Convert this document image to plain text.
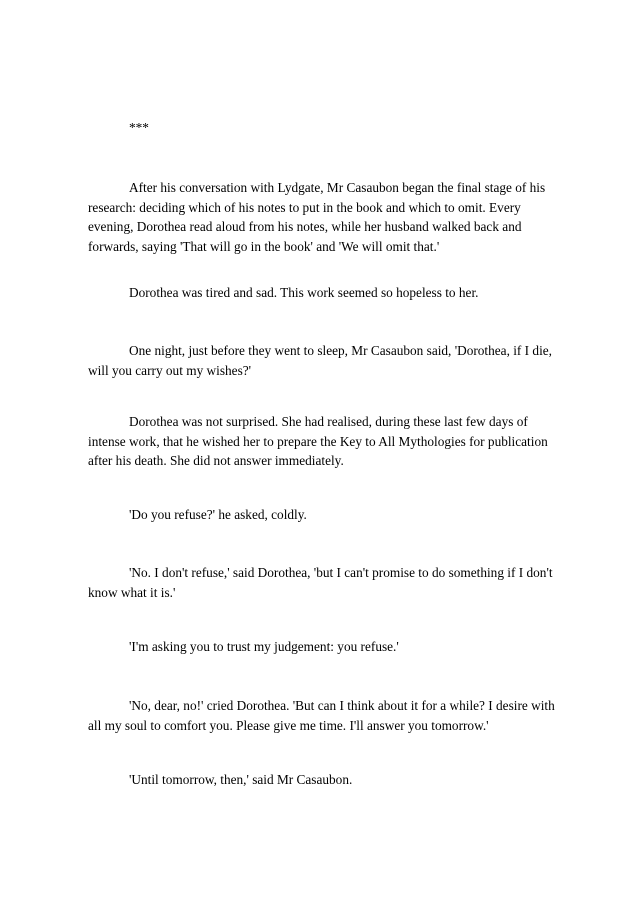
***

After his conversation with Lydgate, Mr Casaubon began the final stage of his
research: deciding which of his notes to put in the book and which to omit. Every
evening, Dorothea read aloud from his notes, while her husband walked back and
forwards, saying 'That will go in the book' and 'We will omit that.'

Dorothea was tired and sad. This work seemed so hopeless to her.

One night, just before they went to sleep, Mr Casaubon said, 'Dorothea, if I die,
will you carry out my wishes?'

Dorothea was not surprised. She had realised, during these last few days of
intense work, that he wished her to prepare the Key to All Mythologies for publication
after his death. She did not answer immediately.

'Do you refuse?' he asked, coldly.

'No. I don't refuse,' said Dorothea, 'but I can't promise to do something if I don't
know what it is.'

'I'm asking you to trust my judgement: you refuse.'

'No, dear, no!' cried Dorothea. 'But can I think about it for a while? I desire with
all my soul to comfort you. Please give me time. I'll answer you tomorrow.'

'Until tomorrow, then,' said Mr Casaubon.
